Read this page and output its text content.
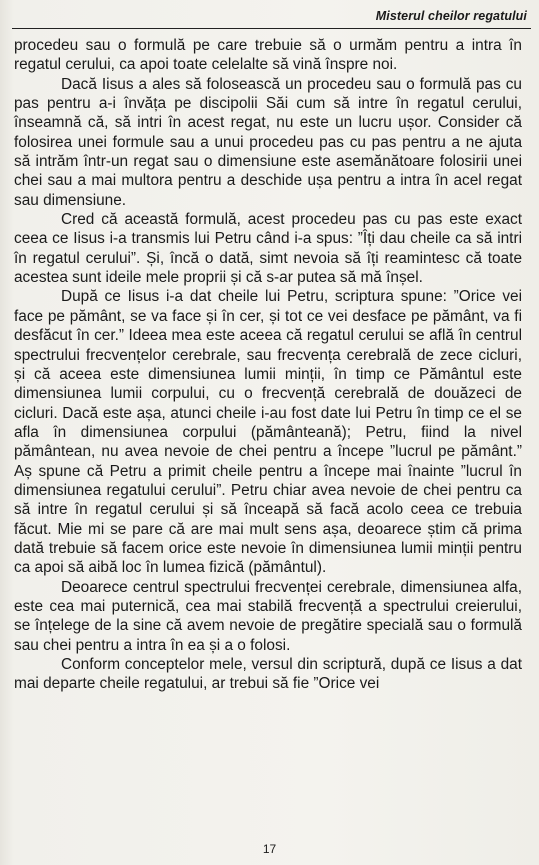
Misterul cheilor regatului

procedeu sau o formulă pe care trebuie să o urmăm pentru a intra în regatul cerului, ca apoi toate celelalte să vină înspre noi.

Dacă Iisus a ales să folosească un procedeu sau o formulă pas cu pas pentru a-i învăța pe discipolii Săi cum să intre în regatul cerului, înseamnă că, să intri în acest regat, nu este un lucru ușor. Consider că folosirea unei formule sau a unui procedeu pas cu pas pentru a ne ajuta să intrăm într-un regat sau o dimensiune este asemănătoare folosirii unei chei sau a mai multora pentru a deschide ușa pentru a intra în acel regat sau dimensiune.

Cred că această formulă, acest procedeu pas cu pas este exact ceea ce Iisus i-a transmis lui Petru când i-a spus: ”Îți dau cheile ca să intri în regatul cerului”. Și, încă o dată, simt nevoia să îți reamintesc că toate acestea sunt ideile mele proprii și că s-ar putea să mă înșel.

După ce Iisus i-a dat cheile lui Petru, scriptura spune: ”Orice vei face pe pământ, se va face și în cer, și tot ce vei desface pe pământ, va fi desfăcut în cer.” Ideea mea este aceea că regatul cerului se află în centrul spectrului frecvențelor cerebrale, sau frecvența cerebrală de zece cicluri, și că aceea este dimensiunea lumii minții, în timp ce Pământul este dimensiunea lumii corpului, cu o frecvență cerebrală de douăzeci de cicluri. Dacă este așa, atunci cheile i-au fost date lui Petru în timp ce el se afla în dimensiunea corpului (pământeană); Petru, fiind la nivel pământean, nu avea nevoie de chei pentru a începe ”lucrul pe pământ.” Aș spune că Petru a primit cheile pentru a începe mai înainte ”lucrul în dimensiunea regatului cerului”. Petru chiar avea nevoie de chei pentru ca să intre în regatul cerului și să înceapă să facă acolo ceea ce trebuia făcut. Mie mi se pare că are mai mult sens așa, deoarece știm că prima dată trebuie să facem orice este nevoie în dimensiunea lumii minții pentru ca apoi să aibă loc în lumea fizică (pământul).

Deoarece centrul spectrului frecvenței cerebrale, dimensiunea alfa, este cea mai puternică, cea mai stabilă frecvență a spectrului creierului, se înțelege de la sine că avem nevoie de pregătire specială sau o formulă sau chei pentru a intra în ea și a o folosi.

Conform conceptelor mele, versul din scriptură, după ce Iisus a dat mai departe cheile regatului, ar trebui să fie ”Orice vei

17
